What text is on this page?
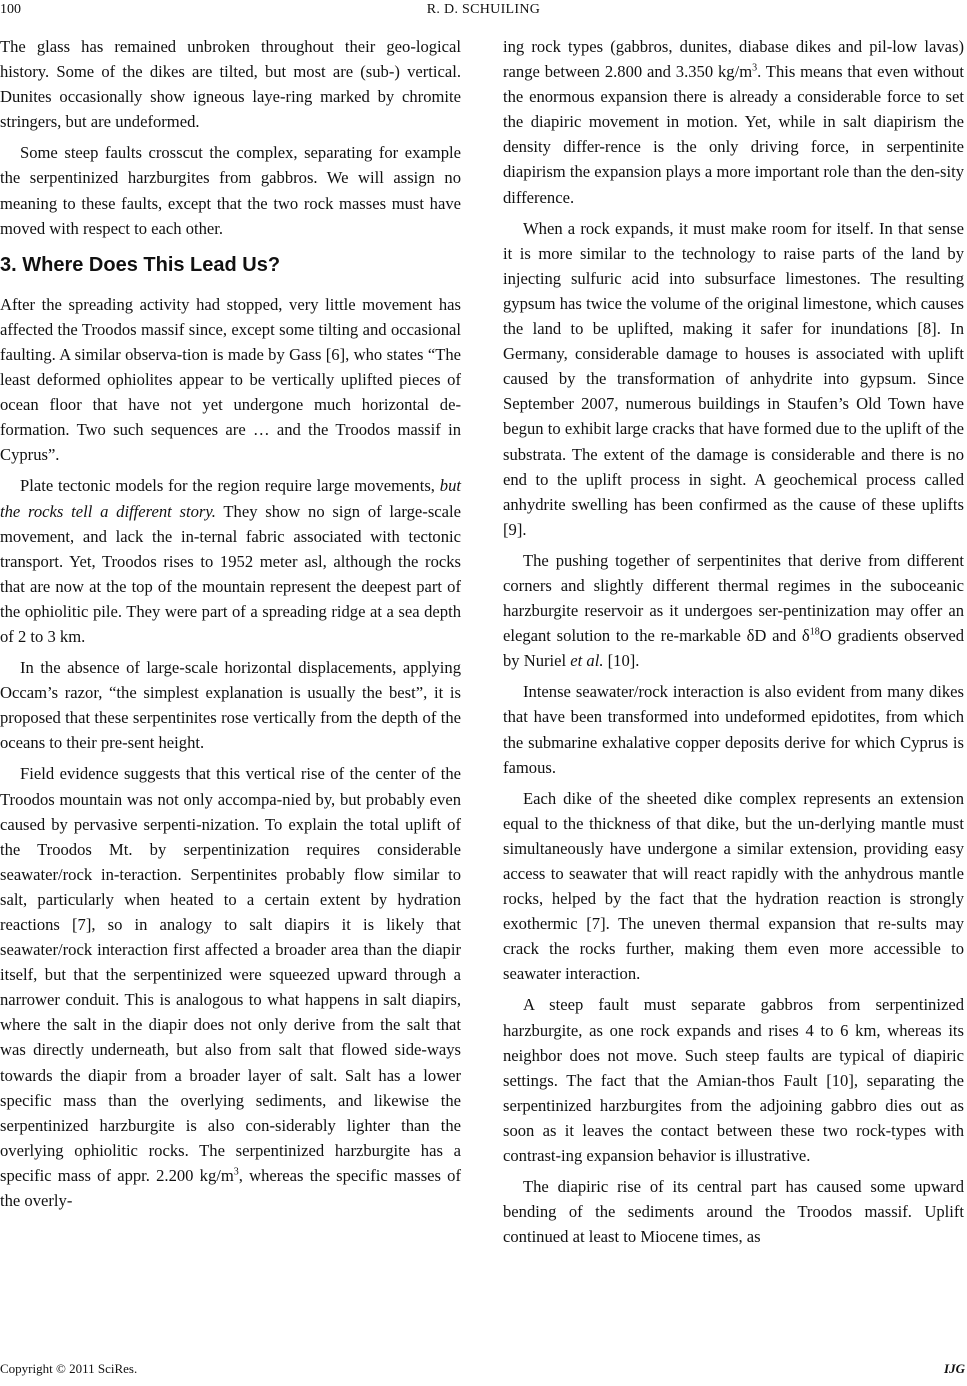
100	R. D. SCHUILING

The glass has remained unbroken throughout their geo-logical history. Some of the dikes are tilted, but most are (sub-) vertical. Dunites occasionally show igneous laye-ring marked by chromite stringers, but are undeformed.

Some steep faults crosscut the complex, separating for example the serpentinized harzburgites from gabbros. We will assign no meaning to these faults, except that the two rock masses must have moved with respect to each other.

3. Where Does This Lead Us?

After the spreading activity had stopped, very little movement has affected the Troodos massif since, except some tilting and occasional faulting. A similar observa-tion is made by Gass [6], who states “The least deformed ophiolites appear to be vertically uplifted pieces of ocean floor that have not yet undergone much horizontal de-formation. Two such sequences are … and the Troodos massif in Cyprus”.

Plate tectonic models for the region require large movements, but the rocks tell a different story. They show no sign of large-scale movement, and lack the in-ternal fabric associated with tectonic transport. Yet, Troodos rises to 1952 meter asl, although the rocks that are now at the top of the mountain represent the deepest part of the ophiolitic pile. They were part of a spreading ridge at a sea depth of 2 to 3 km.

In the absence of large-scale horizontal displacements, applying Occam’s razor, “the simplest explanation is usually the best”, it is proposed that these serpentinites rose vertically from the depth of the oceans to their pre-sent height.

Field evidence suggests that this vertical rise of the center of the Troodos mountain was not only accompa-nied by, but probably even caused by pervasive serpenti-nization. To explain the total uplift of the Troodos Mt. by serpentinization requires considerable seawater/rock in-teraction. Serpentinites probably flow similar to salt, particularly when heated to a certain extent by hydration reactions [7], so in analogy to salt diapirs it is likely that seawater/rock interaction first affected a broader area than the diapir itself, but that the serpentinized were squeezed upward through a narrower conduit. This is analogous to what happens in salt diapirs, where the salt in the diapir does not only derive from the salt that was directly underneath, but also from salt that flowed side-ways towards the diapir from a broader layer of salt. Salt has a lower specific mass than the overlying sediments, and likewise the serpentinized harzburgite is also con-siderably lighter than the overlying ophiolitic rocks. The serpentinized harzburgite has a specific mass of appr. 2.200 $kg/m^3$, whereas the specific masses of the overly-

ing rock types (gabbros, dunites, diabase dikes and pil-low lavas) range between 2.800 and 3.350 $kg/m^3$. This means that even without the enormous expansion there is already a considerable force to set the diapiric movement in motion. Yet, while in salt diapirism the density differ-rence is the only driving force, in serpentinite diapirism the expansion plays a more important role than the den-sity difference.

When a rock expands, it must make room for itself. In that sense it is more similar to the technology to raise parts of the land by injecting sulfuric acid into subsurface limestones. The resulting gypsum has twice the volume of the original limestone, which causes the land to be uplifted, making it safer for inundations [8]. In Germany, considerable damage to houses is associated with uplift caused by the transformation of anhydrite into gypsum. Since September 2007, numerous buildings in Staufen’s Old Town have begun to exhibit large cracks that have formed due to the uplift of the substrata. The extent of the damage is considerable and there is no end to the uplift process in sight. A geochemical process called anhydrite swelling has been confirmed as the cause of these uplifts [9].

The pushing together of serpentinites that derive from different corners and slightly different thermal regimes in the suboceanic harzburgite reservoir as it undergoes ser-pentinization may offer an elegant solution to the re-markable δD and $\delta^{18}O$ gradients observed by Nuriel et al. [10].

Intense seawater/rock interaction is also evident from many dikes that have been transformed into undeformed epidotites, from which the submarine exhalative copper deposits derive for which Cyprus is famous.

Each dike of the sheeted dike complex represents an extension equal to the thickness of that dike, but the un-derlying mantle must simultaneously have undergone a similar extension, providing easy access to seawater that will react rapidly with the anhydrous mantle rocks, helped by the fact that the hydration reaction is strongly exothermic [7]. The uneven thermal expansion that re-sults may crack the rocks further, making them even more accessible to seawater interaction.

A steep fault must separate gabbros from serpentinized harzburgite, as one rock expands and rises 4 to 6 km, whereas its neighbor does not move. Such steep faults are typical of diapiric settings. The fact that the Amian-thos Fault [10], separating the serpentinized harzburgites from the adjoining gabbro dies out as soon as it leaves the contact between these two rock-types with contrast-ing expansion behavior is illustrative.

The diapiric rise of its central part has caused some upward bending of the sediments around the Troodos massif. Uplift continued at least to Miocene times, as

Copyright © 2011 SciRes.	IJG
